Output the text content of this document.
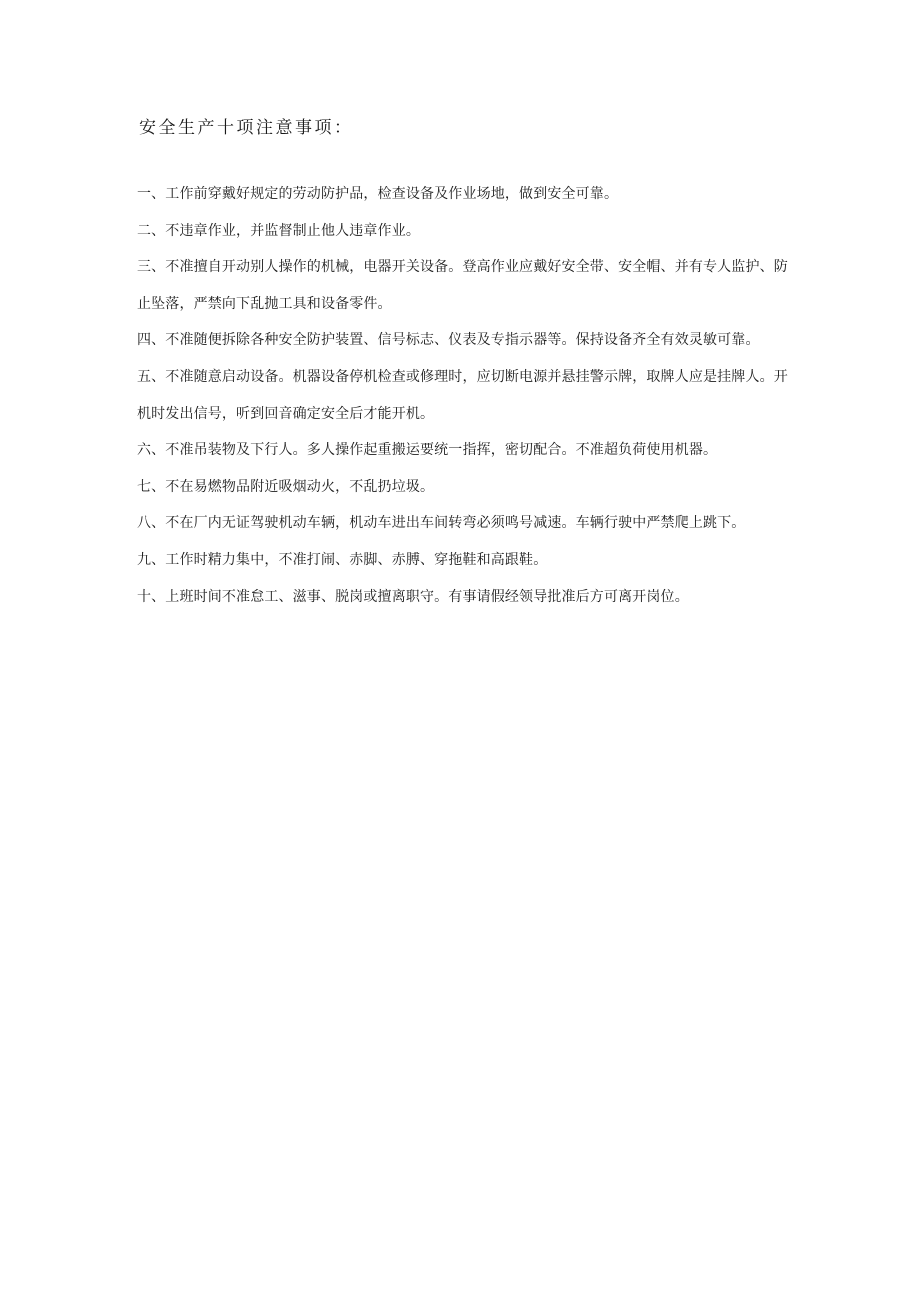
安全生产十项注意事项：
一、工作前穿戴好规定的劳动防护品，检查设备及作业场地，做到安全可靠。
二、不违章作业，并监督制止他人违章作业。
三、不准擅自开动别人操作的机械，电器开关设备。登高作业应戴好安全带、安全帽、并有专人监护、防止坠落，严禁向下乱抛工具和设备零件。
四、不准随便拆除各种安全防护装置、信号标志、仪表及专指示器等。保持设备齐全有效灵敏可靠。
五、不准随意启动设备。机器设备停机检查或修理时，应切断电源并悬挂警示牌，取牌人应是挂牌人。开机时发出信号，听到回音确定安全后才能开机。
六、不准吊装物及下行人。多人操作起重搬运要统一指挥，密切配合。不准超负荷使用机器。
七、不在易燃物品附近吸烟动火，不乱扔垃圾。
八、不在厂内无证驾驶机动车辆，机动车进出车间转弯必须鸣号减速。车辆行驶中严禁爬上跳下。
九、工作时精力集中，不准打闹、赤脚、赤膊、穿拖鞋和高跟鞋。
十、上班时间不准怠工、滋事、脱岗或擅离职守。有事请假经领导批准后方可离开岗位。
